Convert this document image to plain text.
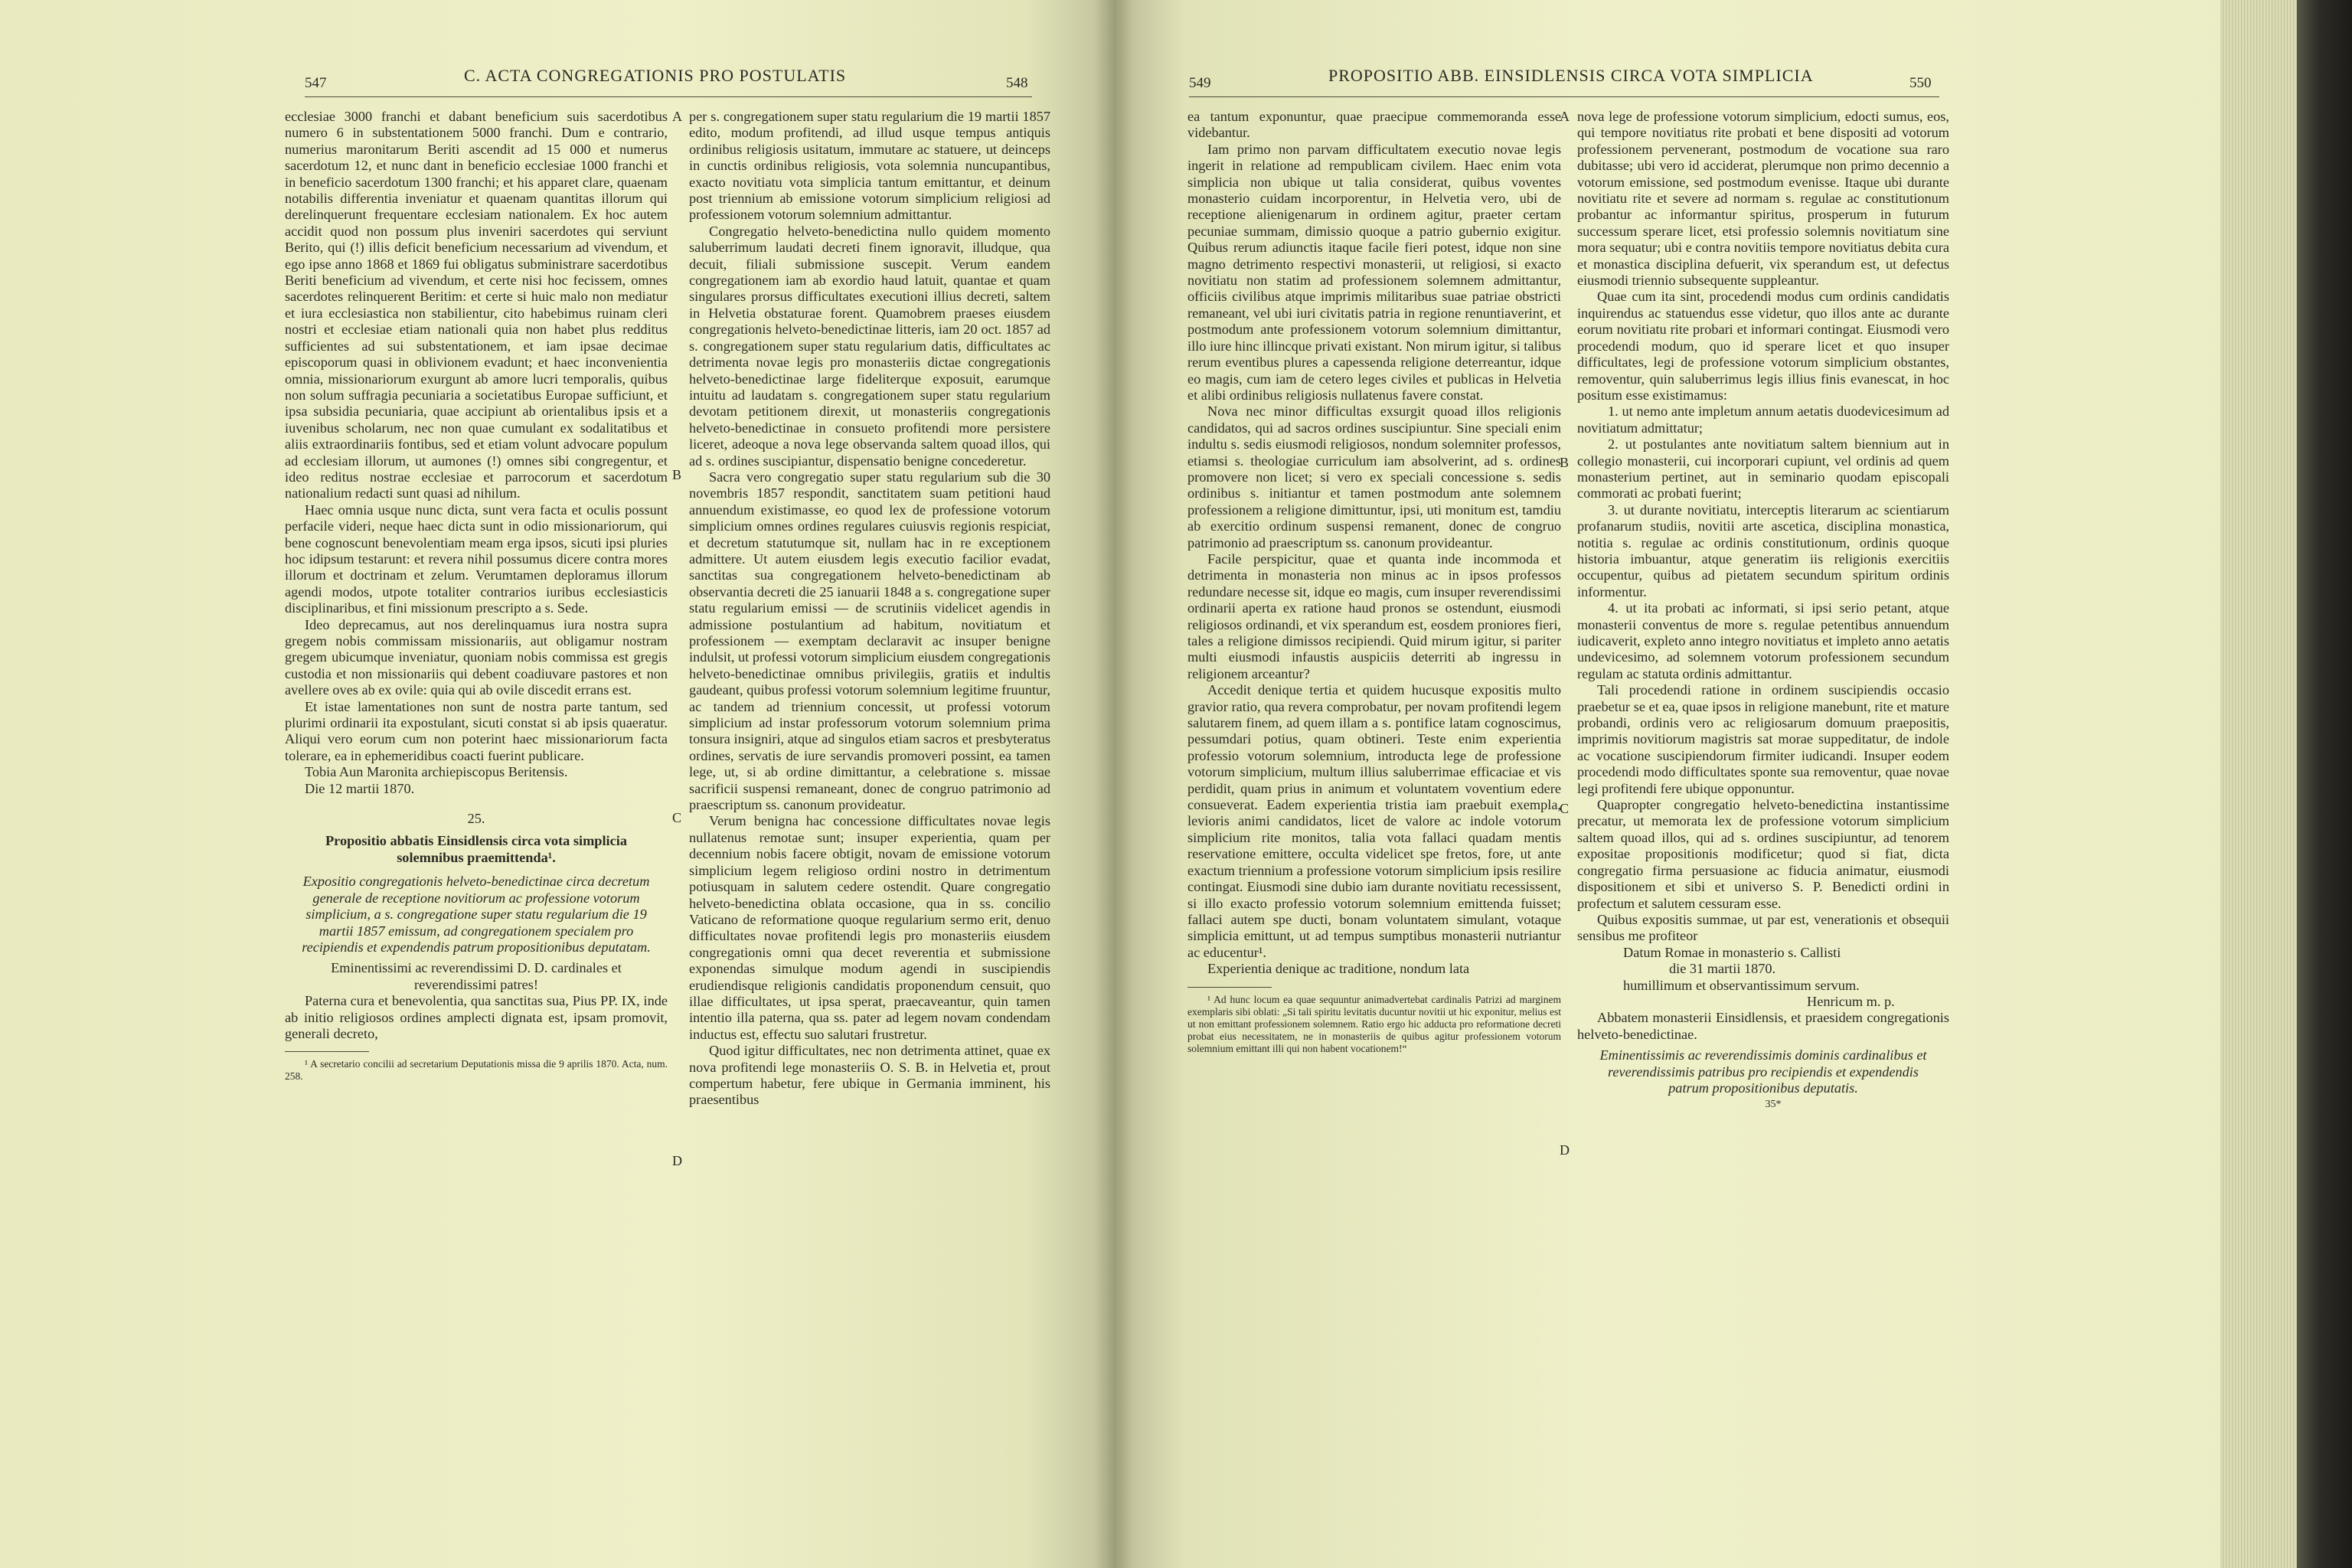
547	C. ACTA CONGREGATIONIS PRO POSTULATIS	548

ecclesiae 3000 franchi et dabant beneficium suis sacerdotibus numero 6 in substentationem 5000 franchi. Dum e contrario, numerius maronitarum Beriti ascendit ad 15 000 et numerus sacerdotum 12, et nunc dant in beneficio ecclesiae 1000 franchi et in beneficio sacerdotum 1300 franchi; et his apparet clare, quaenam notabilis differentia inveniatur et quaenam quantitas illorum qui derelinquerunt frequentare ecclesiam nationalem. Ex hoc autem accidit quod non possum plus inveniri sacerdotes qui serviunt Berito, qui (!) illis deficit beneficium necessarium ad vivendum, et ego ipse anno 1868 et 1869 fui obligatus subministrare sacerdotibus Beriti beneficium ad vivendum, et certe nisi hoc fecissem, omnes sacerdotes relinquerent Beritim: et certe si huic malo non mediatur et iura ecclesiastica non stabilientur, cito habebimus ruinam cleri nostri et ecclesiae etiam nationali quia non habet plus redditus sufficientes ad sui substentationem, et iam ipsae decimae episcoporum quasi in oblivionem evadunt; et haec inconvenientia omnia, missionariorum exurgunt ab amore lucri temporalis, quibus non solum suffragia pecuniaria a societatibus Europae sufficiunt, et ipsa subsidia pecuniaria, quae accipiunt ab orientalibus ipsis et a iuvenibus scholarum, nec non quae cumulant ex sodalitatibus et aliis extraordinariis fontibus, sed et etiam volunt advocare populum ad ecclesiam illorum, ut aumones (!) omnes sibi congregentur, et ideo reditus nostrae ecclesiae et parrocorum et sacerdotum nationalium redacti sunt quasi ad nihilum.

Haec omnia usque nunc dicta, sunt vera facta et oculis possunt perfacile videri, neque haec dicta sunt in odio missionariorum, qui bene cognoscunt benevolentiam meam erga ipsos, sicuti ipsi pluries hoc idipsum testarunt: et revera nihil possumus dicere contra mores illorum et doctrinam et zelum. Verumtamen deploramus illorum agendi modos, utpote totaliter contrarios iuribus ecclesiasticis disciplinaribus, et fini missionum prescripto a s. Sede.

Ideo deprecamus, aut nos derelinquamus iura nostra supra gregem nobis commissam missionariis, aut obligamur nostram gregem ubicumque inveniatur, quoniam nobis commissa est gregis custodia et non missionariis qui debent coadiuvare pastores et non avellere oves ab ex ovile: quia qui ab ovile discedit errans est.

Et istae lamentationes non sunt de nostra parte tantum, sed plurimi ordinarii ita expostulant, sicuti constat si ab ipsis quaeratur. Aliqui vero eorum cum non poterint haec missionariorum facta tolerare, ea in ephemeridibus coacti fuerint publicare.

Tobia Aun Maronita archiepiscopus Beritensis.

Die 12 martii 1870.

25.

Propositio abbatis Einsidlensis circa vota simplicia solemnibus praemittenda¹.

Expositio congregationis helveto-benedictinae circa decretum generale de receptione novitiorum ac professione votorum simplicium, a s. congregatione super statu regularium die 19 martii 1857 emissum, ad congregationem specialem pro recipiendis et expendendis patrum propositionibus deputatam.

Eminentissimi ac reverendissimi D. D. cardinales et reverendissimi patres!

Paterna cura et benevolentia, qua sanctitas sua, Pius PP. IX, inde ab initio religiosos ordines amplecti dignata est, ipsam promovit, generali decreto,

¹ A secretario concilii ad secretarium Deputationis missa die 9 aprilis 1870. Acta, num. 258.

per s. congregationem super statu regularium die 19 martii 1857 edito, modum profitendi, ad illud usque tempus antiquis ordinibus religiosis usitatum, immutare ac statuere, ut deinceps in cunctis ordinibus religiosis, vota solemnia nuncupantibus, exacto novitiatu vota simplicia tantum emittantur, et deinum post triennium ab emissione votorum simplicium religiosi ad professionem votorum solemnium admittantur.

Congregatio helveto-benedictina nullo quidem momento saluberrimum laudati decreti finem ignoravit, illudque, qua decuit, filiali submissione suscepit. Verum eandem congregationem iam ab exordio haud latuit, quantae et quam singulares prorsus difficultates executioni illius decreti, saltem in Helvetia obstaturae forent. Quamobrem praeses eiusdem congregationis helveto-benedictinae litteris, iam 20 oct. 1857 ad s. congregationem super statu regularium datis, difficultates ac detrimenta novae legis pro monasteriis dictae congregationis helveto-benedictinae large fideliterque exposuit, earumque intuitu ad laudatam s. congregationem super statu regularium devotam petitionem direxit, ut monasteriis congregationis helveto-benedictinae in consueto profitendi more persistere liceret, adeoque a nova lege observanda saltem quoad illos, qui ad s. ordines suscipiantur, dispensatio benigne concederetur.

Sacra vero congregatio super statu regularium sub die 30 novembris 1857 respondit, sanctitatem suam petitioni haud annuendum existimasse, eo quod lex de professione votorum simplicium omnes ordines regulares cuiusvis regionis respiciat, et decretum statutumque sit, nullam hac in re exceptionem admittere. Ut autem eiusdem legis executio facilior evadat, sanctitas sua congregationem helveto-benedictinam ab observantia decreti die 25 ianuarii 1848 a s. congregatione super statu regularium emissi — de scrutiniis videlicet agendis in admissione postulantium ad habitum, novitiatum et professionem — exemptam declaravit ac insuper benigne indulsit, ut professi votorum simplicium eiusdem congregationis helveto-benedictinae omnibus privilegiis, gratiis et indultis gaudeant, quibus professi votorum solemnium legitime fruuntur, ac tandem ad triennium concessit, ut professi votorum simplicium ad instar professorum votorum solemnium prima tonsura insigniri, atque ad singulos etiam sacros et presbyteratus ordines, servatis de iure servandis promoveri possint, ea tamen lege, ut, si ab ordine dimittantur, a celebratione s. missae sacrificii suspensi remaneant, donec de congruo patrimonio ad praescriptum ss. canonum provideatur.

Verum benigna hac concessione difficultates novae legis nullatenus remotae sunt; insuper experientia, quam per decennium nobis facere obtigit, novam de emissione votorum simplicium legem religioso ordini nostro in detrimentum potiusquam in salutem cedere ostendit. Quare congregatio helveto-benedictina oblata occasione, qua in ss. concilio Vaticano de reformatione quoque regularium sermo erit, denuo difficultates novae profitendi legis pro monasteriis eiusdem congregationis omni qua decet reverentia et submissione exponendas simulque modum agendi in suscipiendis erudiendisque religionis candidatis proponendum censuit, quo illae difficultates, ut ipsa sperat, praecaveantur, quin tamen intentio illa paterna, qua ss. pater ad legem novam condendam inductus est, effectu suo salutari frustretur.

Quod igitur difficultates, nec non detrimenta attinet, quae ex nova profitendi lege monasteriis O. S. B. in Helvetia et, prout compertum habetur, fere ubique in Germania imminent, his praesentibus

A
B
C
D
549	PROPOSITIO ABB. EINSIDLENSIS CIRCA VOTA SIMPLICIA	550

ea tantum exponuntur, quae praecipue commemoranda esse videbantur.

Iam primo non parvam difficultatem executio novae legis ingerit in relatione ad rempublicam civilem. Haec enim vota simplicia non ubique ut talia considerat, quibus voventes monasterio cuidam incorporentur, in Helvetia vero, ubi de receptione alienigenarum in ordinem agitur, praeter certam pecuniae summam, dimissio quoque a patrio gubernio exigitur. Quibus rerum adiunctis itaque facile fieri potest, idque non sine magno detrimento respectivi monasterii, ut religiosi, si exacto novitiatu non statim ad professionem solemnem admittantur, officiis civilibus atque imprimis militaribus suae patriae obstricti remaneant, vel ubi iuri civitatis patria in regione renuntiaverint, et postmodum ante professionem votorum solemnium dimittantur, illo iure hinc illincque privati existant. Non mirum igitur, si talibus rerum eventibus plures a capessenda religione deterreantur, idque eo magis, cum iam de cetero leges civiles et publicas in Helvetia et alibi ordinibus religiosis nullatenus favere constat.

Nova nec minor difficultas exsurgit quoad illos religionis candidatos, qui ad sacros ordines suscipiuntur. Sine speciali enim indultu s. sedis eiusmodi religiosos, nondum solemniter professos, etiamsi s. theologiae curriculum iam absolverint, ad s. ordines promovere non licet; si vero ex speciali concessione s. sedis ordinibus s. initiantur et tamen postmodum ante solemnem professionem a religione dimittuntur, ipsi, uti monitum est, tamdiu ab exercitio ordinum suspensi remanent, donec de congruo patrimonio ad praescriptum ss. canonum provideantur.

Facile perspicitur, quae et quanta inde incommoda et detrimenta in monasteria non minus ac in ipsos professos redundare necesse sit, idque eo magis, cum insuper reverendissimi ordinarii aperta ex ratione haud pronos se ostendunt, eiusmodi religiosos ordinandi, et vix sperandum est, eosdem proniores fieri, tales a religione dimissos recipiendi. Quid mirum igitur, si pariter multi eiusmodi infaustis auspiciis deterriti ab ingressu in religionem arceantur?

Accedit denique tertia et quidem hucusque expositis multo gravior ratio, qua revera comprobatur, per novam profitendi legem salutarem finem, ad quem illam a s. pontifice latam cognoscimus, pessumdari potius, quam obtineri. Teste enim experientia professio votorum solemnium, introducta lege de professione votorum simplicium, multum illius saluberrimae efficaciae et vis perdidit, quam prius in animum et voluntatem voventium edere consueverat. Eadem experientia tristia iam praebuit exempla, levioris animi candidatos, licet de valore ac indole votorum simplicium rite monitos, talia vota fallaci quadam mentis reservatione emittere, occulta videlicet spe fretos, fore, ut ante exactum triennium a professione votorum simplicium ipsis resilire contingat. Eiusmodi sine dubio iam durante novitiatu recessissent, si illo exacto professio votorum solemnium emittenda fuisset; fallaci autem spe ducti, bonam voluntatem simulant, votaque simplicia emittunt, ut ad tempus sumptibus monasterii nutriantur ac educentur¹.

Experientia denique ac traditione, nondum lata

¹ Ad hunc locum ea quae sequuntur animadvertebat cardinalis Patrizi ad marginem exemplaris sibi oblati: „Si tali spiritu levitatis ducuntur novitii ut hic exponitur, melius est ut non emittant professionem solemnem. Ratio ergo hic adducta pro reformatione decreti probat eius necessitatem, ne in monasteriis de quibus agitur professionem votorum solemnium emittant illi qui non habent vocationem!“

nova lege de professione votorum simplicium, edocti sumus, eos, qui tempore novitiatus rite probati et bene dispositi ad votorum professionem pervenerant, postmodum de vocatione sua raro dubitasse; ubi vero id acciderat, plerumque non primo decennio a votorum emissione, sed postmodum evenisse. Itaque ubi durante novitiatu rite et severe ad normam s. regulae ac constitutionum probantur ac informantur spiritus, prosperum in futurum successum sperare licet, etsi professio solemnis novitiatum sine mora sequatur; ubi e contra novitiis tempore novitiatus debita cura et monastica disciplina defuerit, vix sperandum est, ut defectus eiusmodi triennio subsequente suppleantur.

Quae cum ita sint, procedendi modus cum ordinis candidatis inquirendus ac statuendus esse videtur, quo illos ante ac durante eorum novitiatu rite probari et informari contingat. Eiusmodi vero procedendi modum, quo id sperare licet et quo insuper difficultates, legi de professione votorum simplicium obstantes, removentur, quin saluberrimus legis illius finis evanescat, in hoc positum esse existimamus:

1. ut nemo ante impletum annum aetatis duodevicesimum ad novitiatum admittatur;

2. ut postulantes ante novitiatum saltem biennium aut in collegio monasterii, cui incorporari cupiunt, vel ordinis ad quem monasterium pertinet, aut in seminario quodam episcopali commorati ac probati fuerint;

3. ut durante novitiatu, interceptis literarum ac scientiarum profanarum studiis, novitii arte ascetica, disciplina monastica, notitia s. regulae ac ordinis constitutionum, ordinis quoque historia imbuantur, atque generatim iis religionis exercitiis occupentur, quibus ad pietatem secundum spiritum ordinis informentur.

4. ut ita probati ac informati, si ipsi serio petant, atque monasterii conventus de more s. regulae petentibus annuendum iudicaverit, expleto anno integro novitiatus et impleto anno aetatis undevicesimo, ad solemnem votorum professionem secundum regulam ac statuta ordinis admittantur.

Tali procedendi ratione in ordinem suscipiendis occasio praebetur se et ea, quae ipsos in religione manebunt, rite et mature probandi, ordinis vero ac religiosarum domuum praepositis, imprimis novitiorum magistris sat morae suppeditatur, de indole ac vocatione suscipiendorum firmiter iudicandi. Insuper eodem procedendi modo difficultates sponte sua removentur, quae novae legi profitendi fere ubique opponuntur.

Quapropter congregatio helveto-benedictina instantissime precatur, ut memorata lex de professione votorum simplicium saltem quoad illos, qui ad s. ordines suscipiuntur, ad tenorem expositae propositionis modificetur; quod si fiat, dicta congregatio firma persuasione ac fiducia animatur, eiusmodi dispositionem et sibi et universo S. P. Benedicti ordini in profectum et salutem cessuram esse.

Quibus expositis summae, ut par est, venerationis et obsequii sensibus me profiteor

Datum Romae in monasterio s. Callisti

die 31 martii 1870.

humillimum et observantissimum servum.

Henricum m. p.

Abbatem monasterii Einsidlensis, et praesidem congregationis helveto-benedictinae.

Eminentissimis ac reverendissimis dominis cardinalibus et reverendissimis patribus pro recipiendis et expendendis patrum propositionibus deputatis.

35*

A
B
C
D
